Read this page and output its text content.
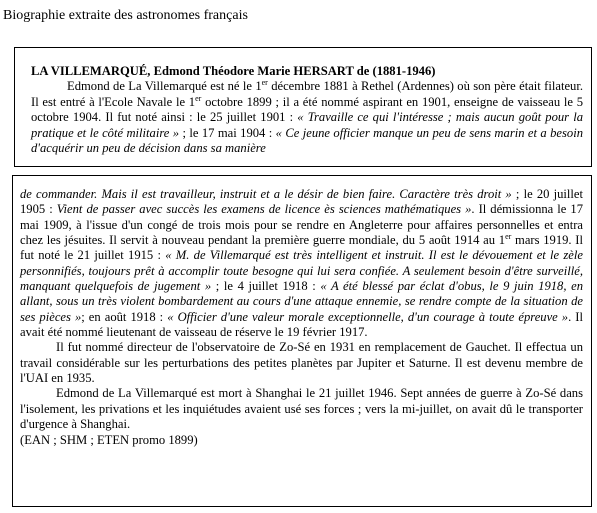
Biographie extraite des astronomes français

LA VILLEMARQUÉ, Edmond Théodore Marie HERSART de (1881-1946)

Edmond de La Villemarqué est né le 1er décembre 1881 à Rethel (Ardennes) où son père était filateur. Il est entré à l'Ecole Navale le 1er octobre 1899 ; il a été nommé aspirant en 1901, enseigne de vaisseau le 5 octobre 1904. Il fut noté ainsi : le 25 juillet 1901 : « Travaille ce qui l'intéresse ; mais aucun goût pour la pratique et le côté militaire » ; le 17 mai 1904 : « Ce jeune officier manque un peu de sens marin et a besoin d'acquérir un peu de décision dans sa manière

de commander. Mais il est travailleur, instruit et a le désir de bien faire. Caractère très droit » ; le 20 juillet 1905 : Vient de passer avec succès les examens de licence ès sciences mathématiques ». Il démissionna le 17 mai 1909, à l'issue d'un congé de trois mois pour se rendre en Angleterre pour affaires personnelles et entra chez les jésuites. Il servit à nouveau pendant la première guerre mondiale, du 5 août 1914 au 1er mars 1919. Il fut noté le 21 juillet 1915 : « M. de Villemarqué est très intelligent et instruit. Il est le dévouement et le zèle personnifiés, toujours prêt à accomplir toute besogne qui lui sera confiée. A seulement besoin d'être surveillé, manquant quelquefois de jugement » ; le 4 juillet 1918 : « A été blessé par éclat d'obus, le 9 juin 1918, en allant, sous un très violent bombardement au cours d'une attaque ennemie, se rendre compte de la situation de ses pièces »; en août 1918 : « Officier d'une valeur morale exceptionnelle, d'un courage à toute épreuve ». Il avait été nommé lieutenant de vaisseau de réserve le 19 février 1917.

Il fut nommé directeur de l'observatoire de Zo-Sé en 1931 en remplacement de Gauchet. Il effectua un travail considérable sur les perturbations des petites planètes par Jupiter et Saturne. Il est devenu membre de l'UAI en 1935.

Edmond de La Villemarqué est mort à Shanghai le 21 juillet 1946. Sept années de guerre à Zo-Sé dans l'isolement, les privations et les inquiétudes avaient usé ses forces ; vers la mi-juillet, on avait dû le transporter d'urgence à Shanghai.

(EAN ; SHM ; ETEN promo 1899)
